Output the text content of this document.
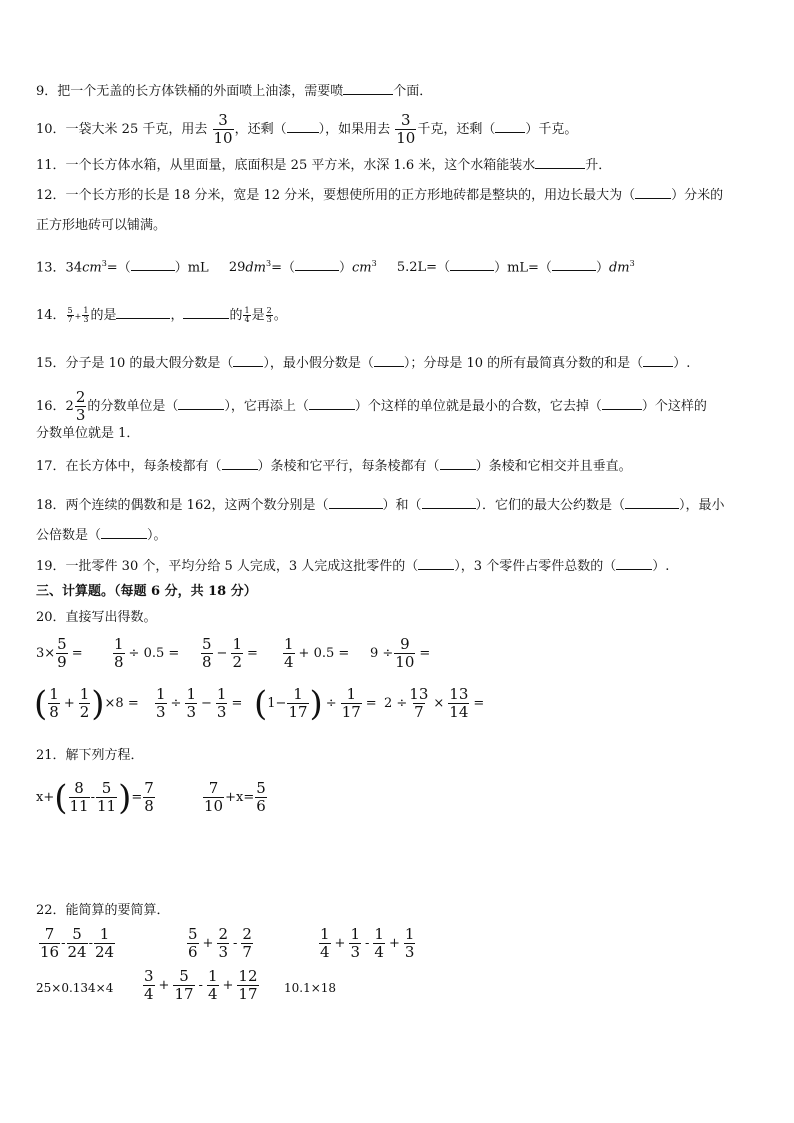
9．把一个无盖的长方体铁桶的外面喷上油漆，需要喷	个面．
10．一袋大米 25 千克，用去 $\frac{3}{10}$ ，还剩（ ），如果用去 $\frac{3}{10}$ 千克，还剩（ ）千克。
11．一个长方体水箱，从里面量，底面积是 25 平方米，水深 1.6 米，这个水箱能装水	升．
12．一个长方形的长是 18 分米，宽是 12 分米，要想使所用的正方形地砖都是整块的，用边长最大为（	）分米的
正方形地砖可以铺满。
13．$34cm^3=$（	）mL $29dm^3=$（	）$cm^3$ 5.2L=（	）mL=（	）$dm^3$
14． $\frac{5}{7} + \frac{1}{3}$ 的是	，	的 $\frac{1}{4}$ 是 $\frac{2}{3}$ 。
15．分子是 10 的最大假分数是（ ），最小假分数是（ ）；分母是 10 的所有最简真分数的和是（ ）.
16．$2 \frac{2}{3}$ 的分数单位是（	），它再添上（	）个这样的单位就是最小的合数，它去掉（	）个这样的
分数单位就是 1．
17．在长方体中，每条棱都有（	）条棱和它平行，每条棱都有（	）条棱和它相交并且垂直。
18．两个连续的偶数和是 162，这两个数分别是（	）和（	）．它们的最大公约数是（	），最小
公倍数是（	）。
19．一批零件 30 个，平均分给 5 人完成，3 人完成这批零件的（	），3 个零件占零件总数的（	）.
三、计算题。（每题 6 分，共 18 分）
20．直接写出得数。
$3\times \frac{5}{9} = \frac{1}{8} \div 0.5 = \frac{5}{8} - \frac{1}{2} = \frac{1}{4} + 0.5 = 9 \div \frac{9}{10}$ =
( $\frac{1}{8} + \frac{1}{2}$ ) $\times 8 = \frac{1}{3} \div \frac{1}{3} - \frac{1}{3}$ = ( $1- \frac{1}{17}$ ) ÷ $\frac{1}{17} = 2 \div \frac{13}{7} \times \frac{13}{14}$ =
21．解下列方程．
x+ ( $\frac{8}{11} - \frac{5}{11}$ ) = $\frac{7}{8}$	$\frac{7}{10} +x= \frac{5}{6}$
22．能简算的要简算．
$\frac{7}{16} - \frac{5}{24} - \frac{1}{24}$	$\frac{5}{6} + \frac{2}{3} - \frac{2}{7}$	$\frac{1}{4} + \frac{1}{3} - \frac{1}{4} + \frac{1}{3}$
$25\times 0.134\times 4 \frac{3}{4} + \frac{5}{17} - \frac{1}{4} + \frac{12}{17} 10.1\times 18$
